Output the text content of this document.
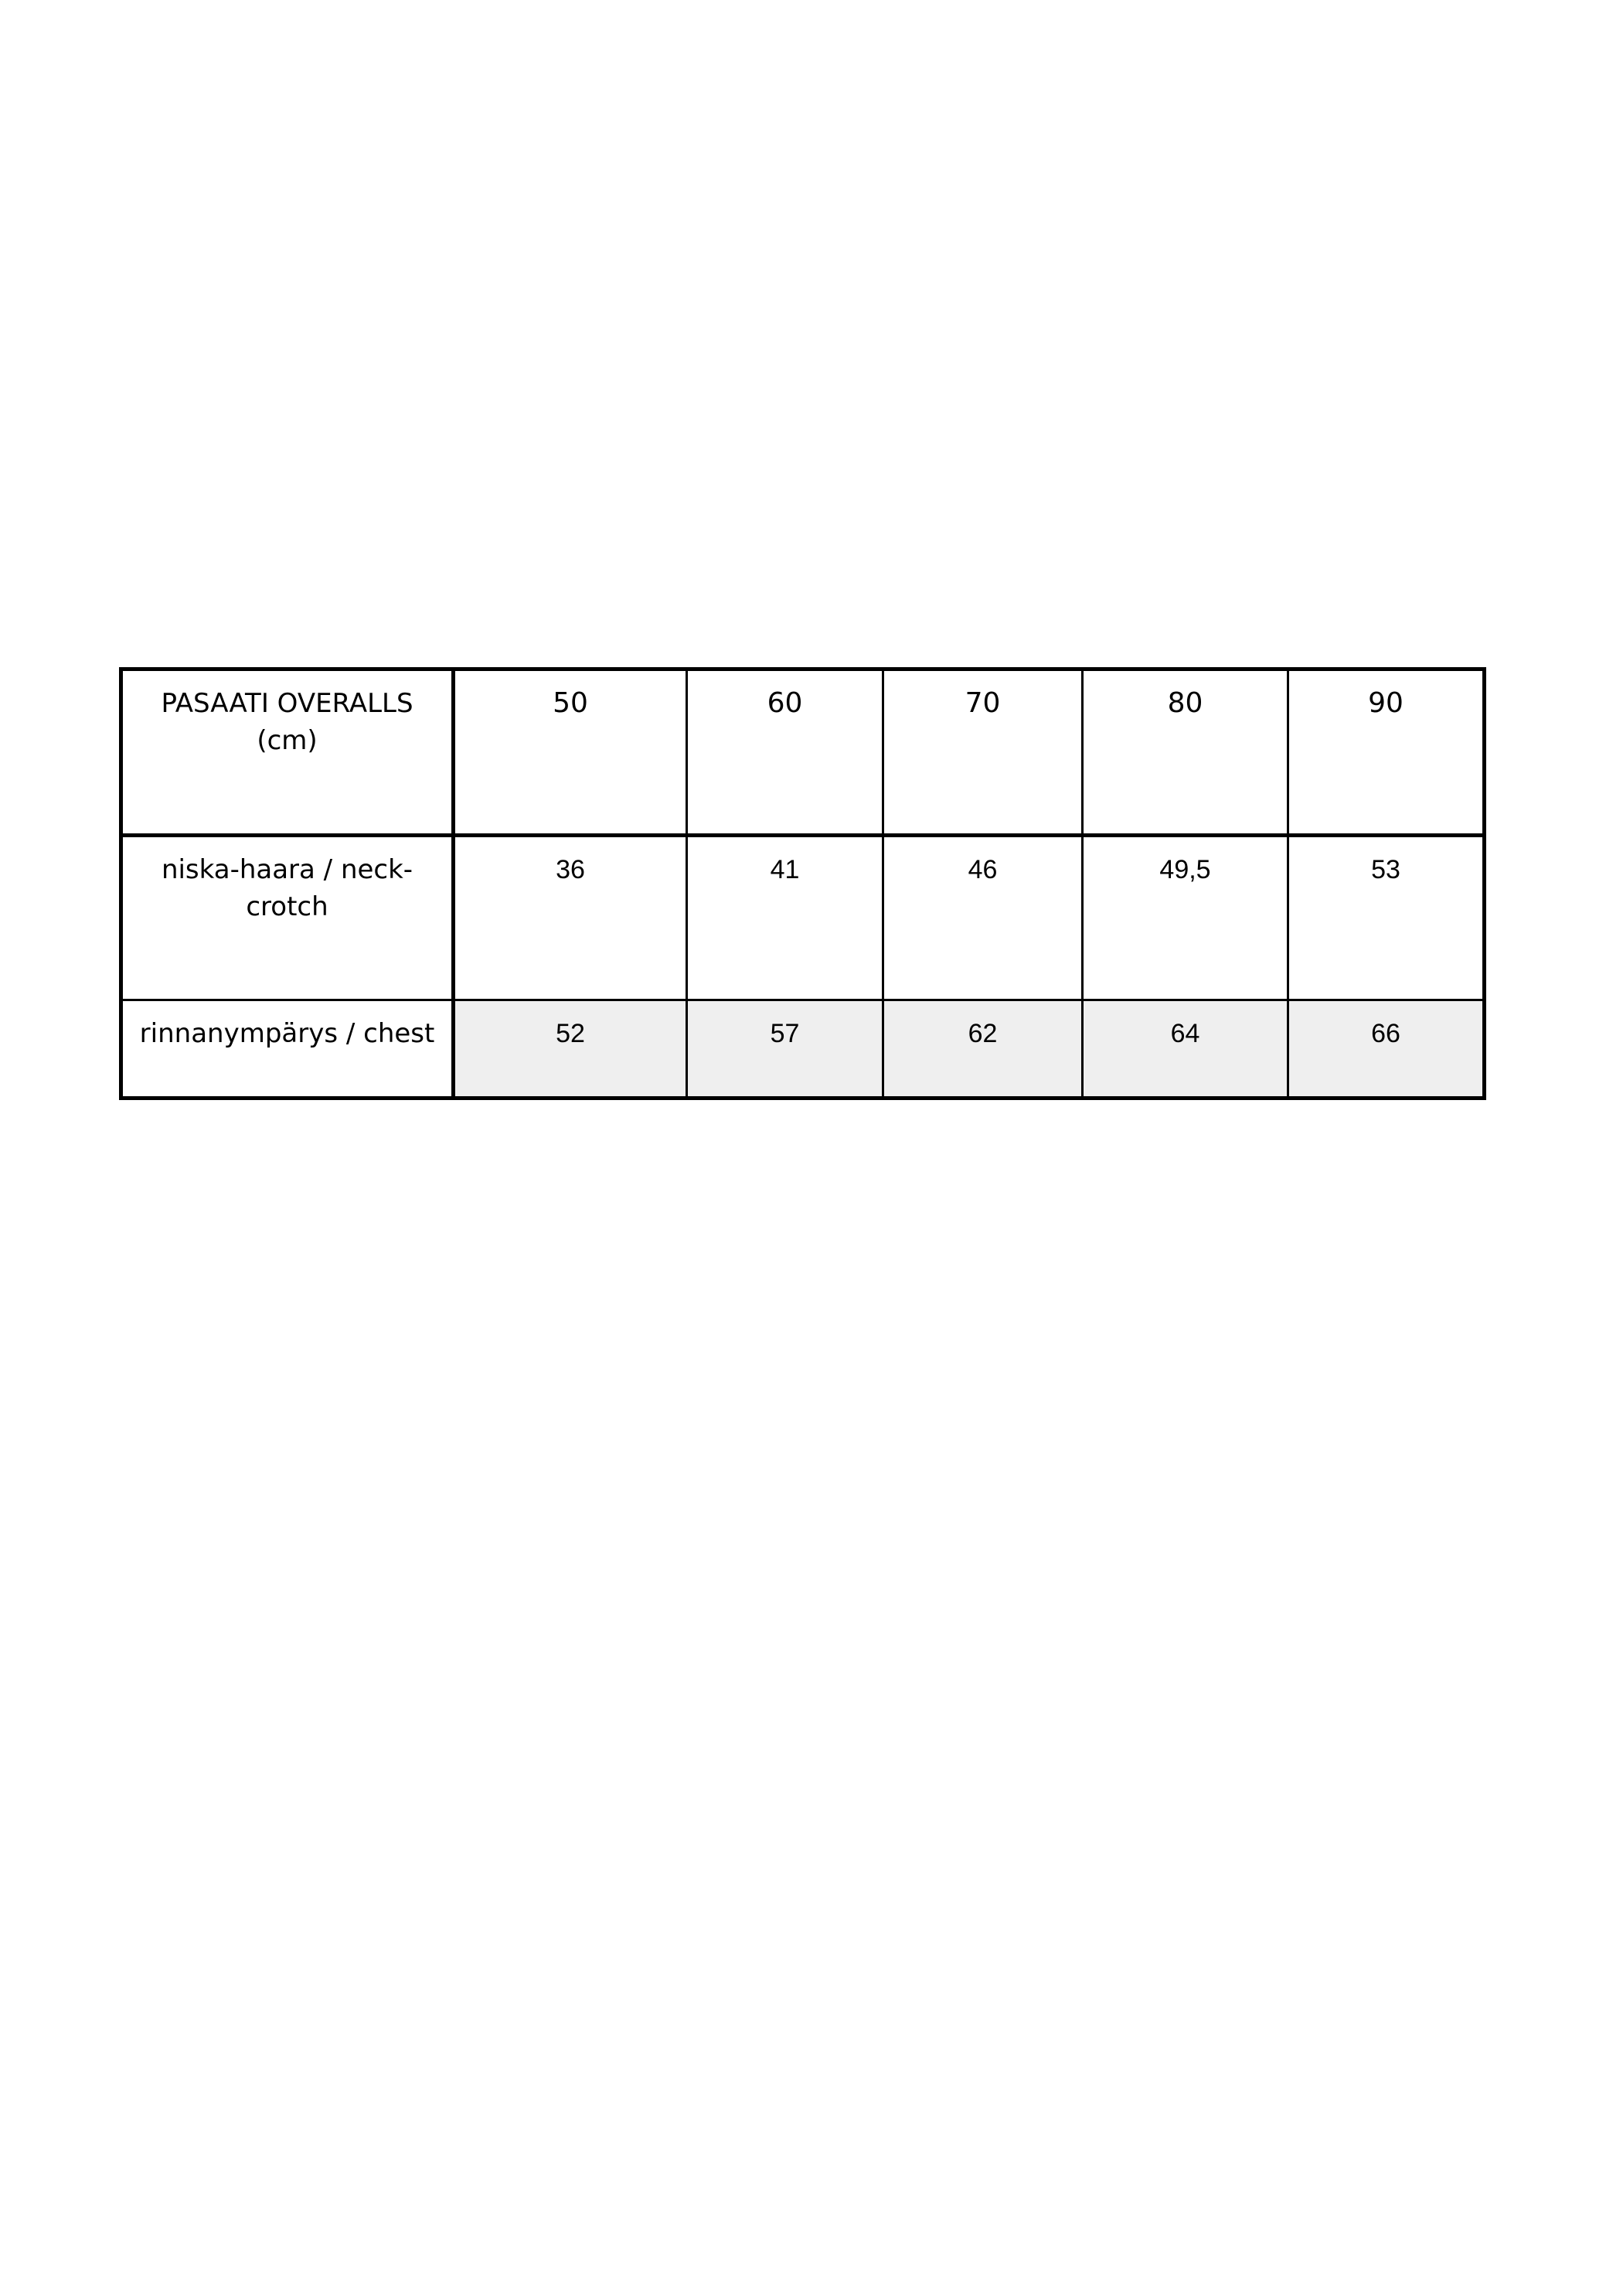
PASAATI OVERALLS
(cm)	50	60	70	80	90
niska-haara / neck-
crotch	36	41	46	49,5	53
rinnanympärys / chest	52	57	62	64	66
